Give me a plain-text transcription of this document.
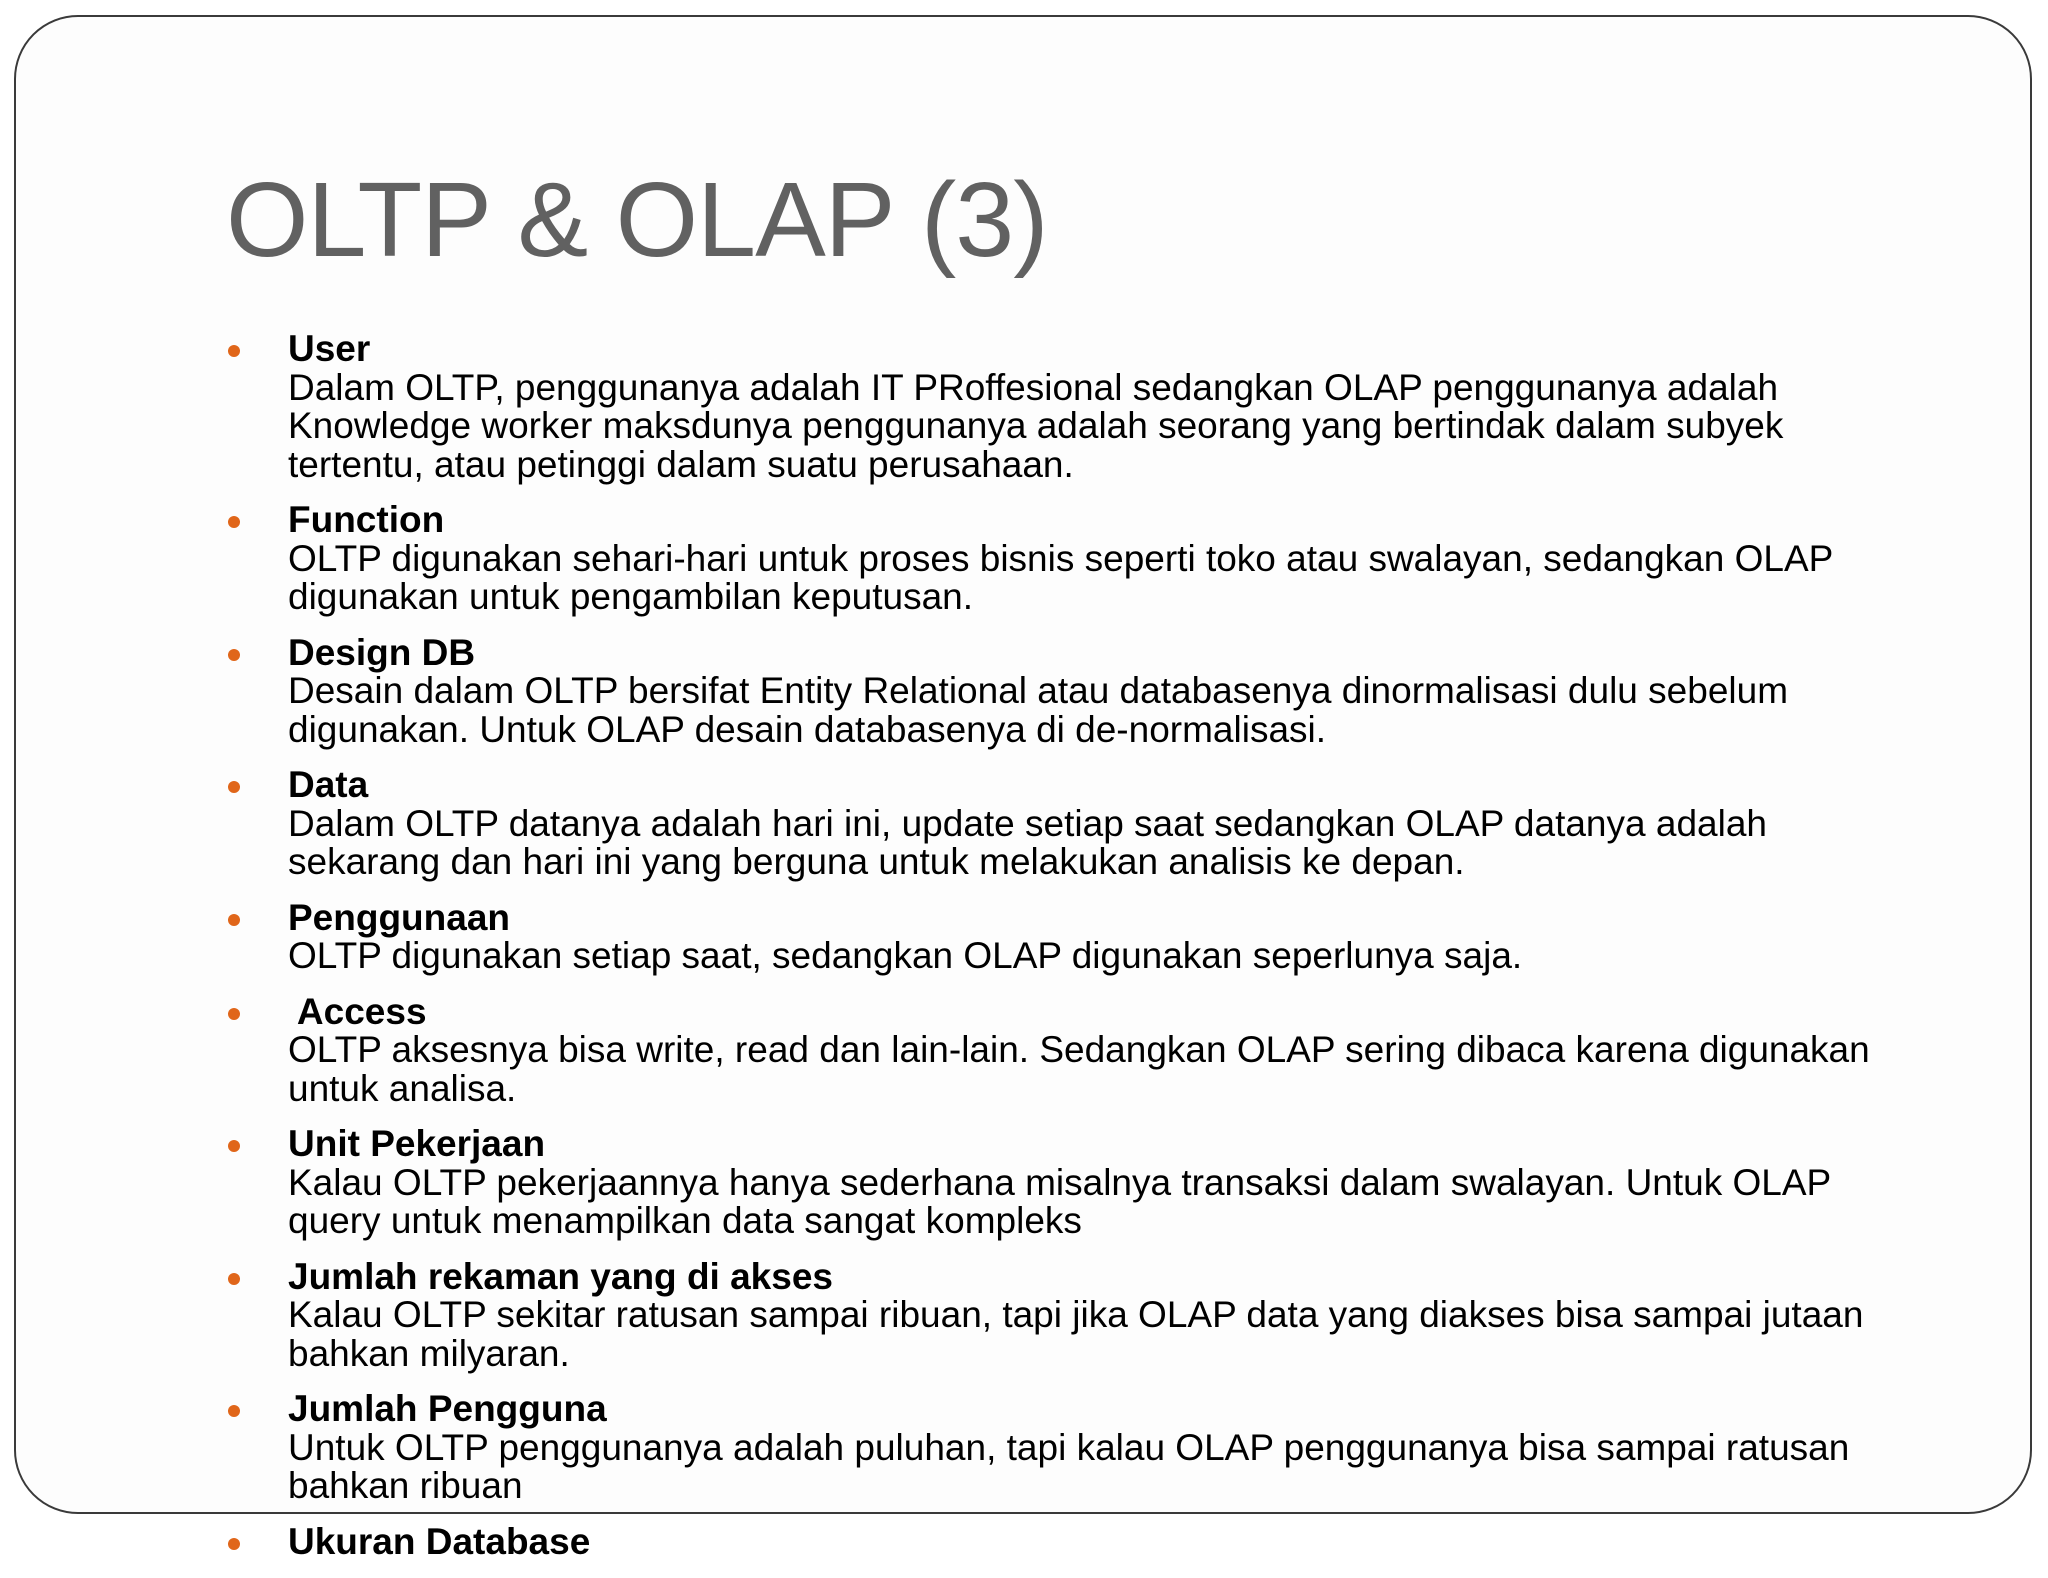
OLTP & OLAP (3)
User
Dalam OLTP, penggunanya adalah IT PRoffesional sedangkan OLAP penggunanya adalah Knowledge worker maksdunya penggunanya adalah seorang yang bertindak dalam subyek tertentu, atau petinggi dalam suatu perusahaan.
Function
OLTP digunakan sehari-hari untuk proses bisnis seperti toko atau swalayan, sedangkan OLAP digunakan untuk pengambilan keputusan.
Design DB
Desain dalam OLTP bersifat Entity Relational atau databasenya dinormalisasi dulu sebelum digunakan. Untuk OLAP desain databasenya di de-normalisasi.
Data
Dalam OLTP datanya adalah hari ini, update setiap saat sedangkan OLAP datanya adalah sekarang dan hari ini yang berguna untuk melakukan analisis ke depan.
Penggunaan
OLTP digunakan setiap saat, sedangkan OLAP digunakan seperlunya saja.
Access
OLTP aksesnya bisa write, read dan lain-lain. Sedangkan OLAP sering dibaca karena digunakan untuk analisa.
Unit Pekerjaan
Kalau OLTP pekerjaannya hanya sederhana misalnya transaksi dalam swalayan. Untuk OLAP query untuk menampilkan data sangat kompleks
Jumlah rekaman yang di akses
Kalau OLTP sekitar ratusan sampai ribuan, tapi jika OLAP data yang diakses bisa sampai jutaan bahkan milyaran.
Jumlah Pengguna
Untuk OLTP penggunanya adalah puluhan, tapi kalau OLAP penggunanya bisa sampai ratusan bahkan ribuan
Ukuran Database
